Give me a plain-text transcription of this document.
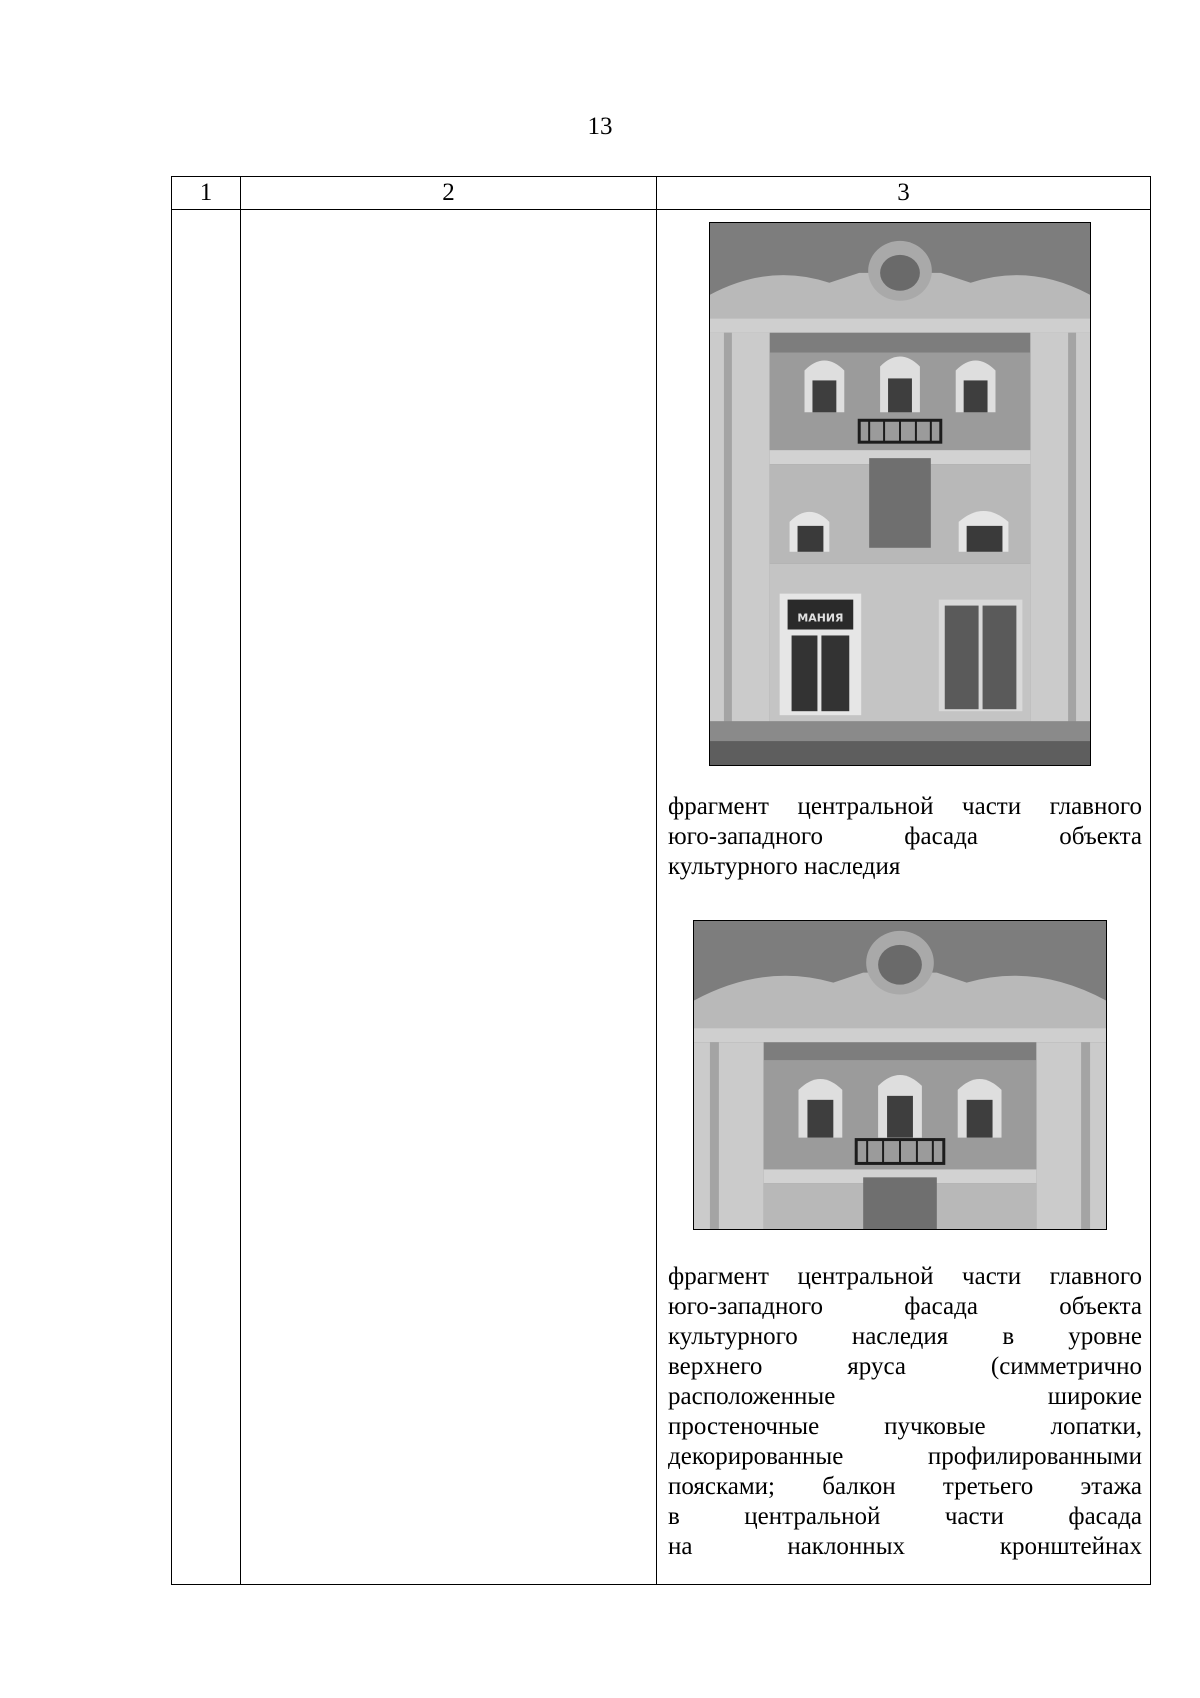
13
1	2	3
МАНИЯ
фрагмент центральной части главного
юго-западного фасада объекта
культурного наследия
фрагмент центральной части главного
юго-западного фасада объекта
культурного наследия в уровне
верхнего яруса (симметрично
расположенные широкие
простеночные пучковые лопатки,
декорированные профилированными
поясками; балкон третьего этажа
в центральной части фасада
на наклонных кронштейнах
